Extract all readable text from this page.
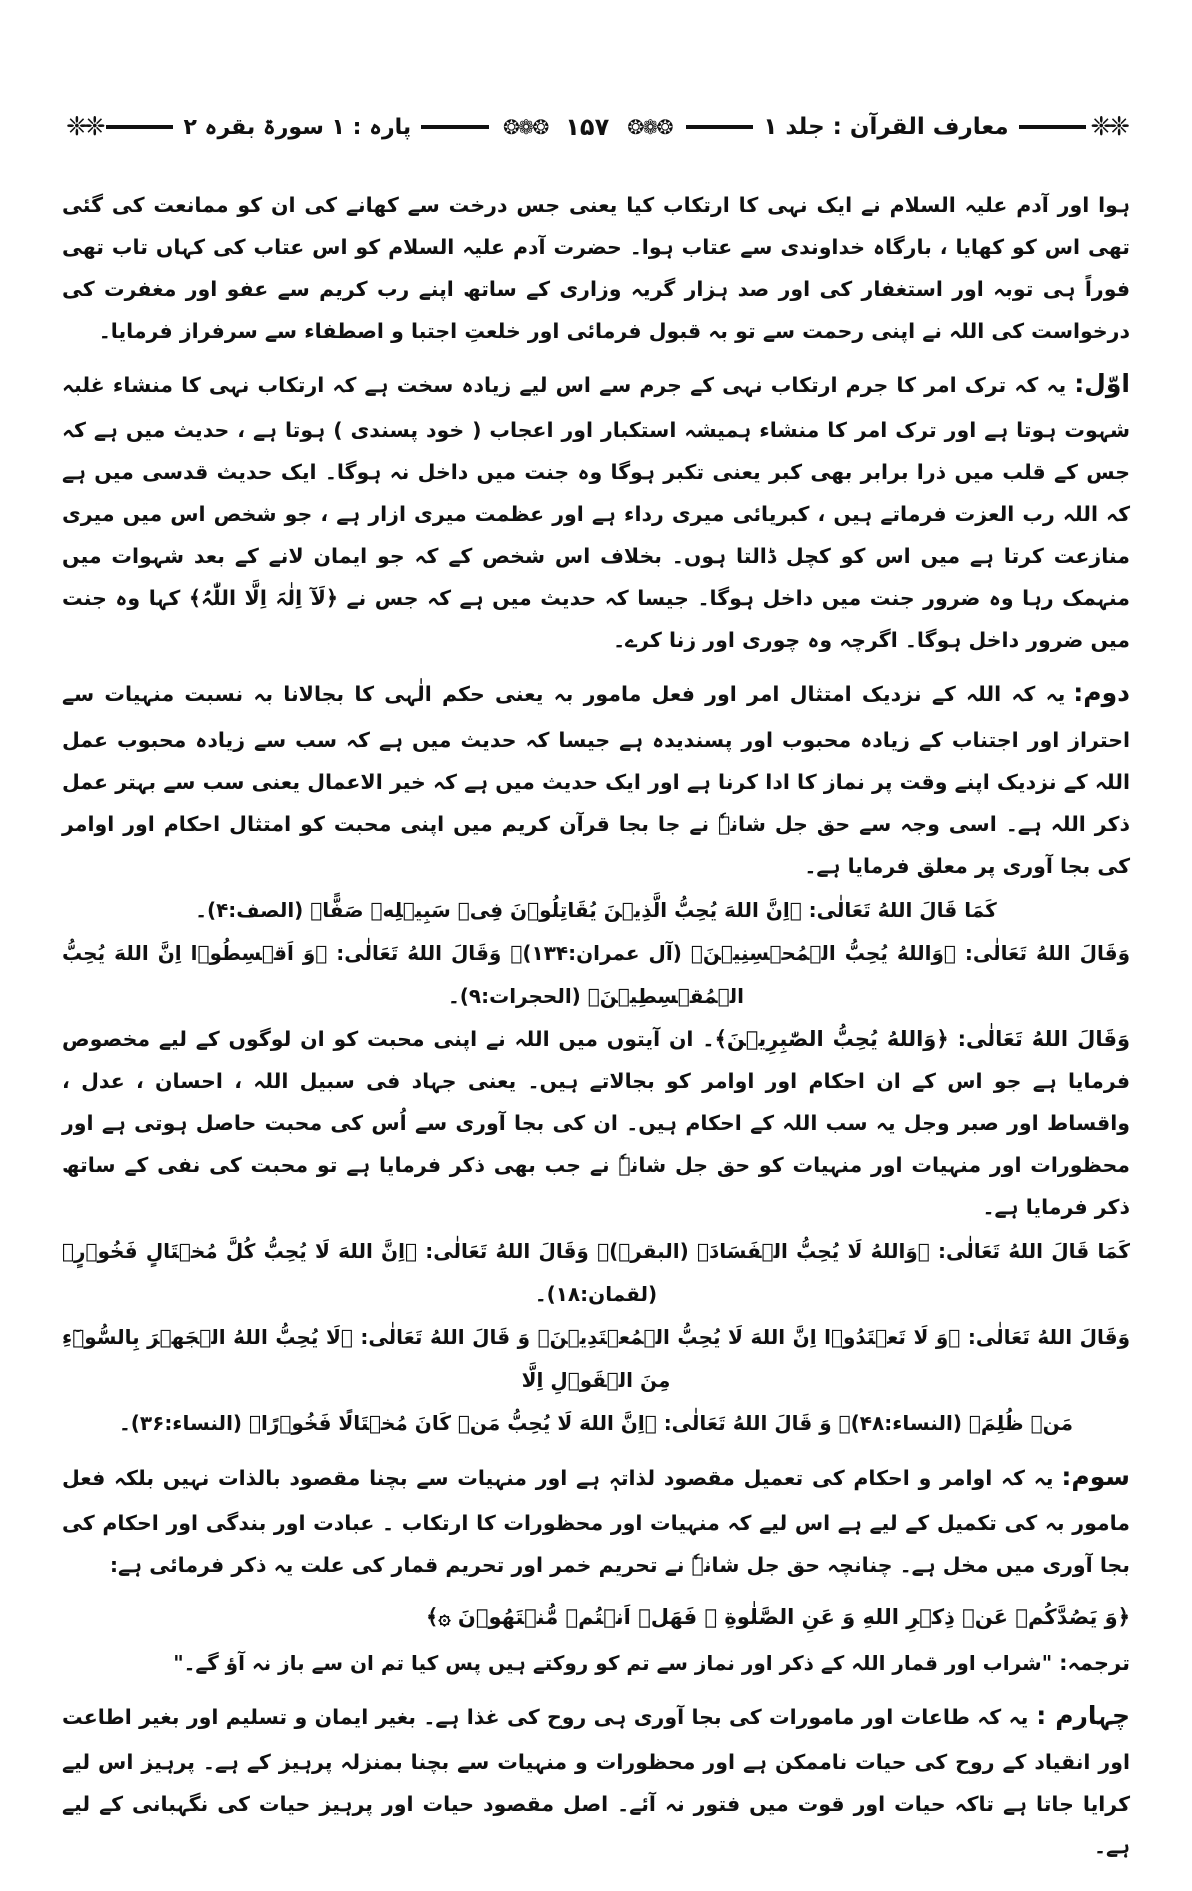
❈❈
معارف القرآن : جلد ۱
❂❁❂
۱۵۷
❂❁❂
پارہ : ۱ سورۃ بقرہ ۲
❈❈

ہوا اور آدم علیہ السلام نے ایک نہی کا ارتکاب کیا یعنی جس درخت سے کھانے کی ان کو ممانعت کی گئی تھی اس کو کھایا ، بارگاہ خداوندی سے عتاب ہوا۔ حضرت آدم علیہ السلام کو اس عتاب کی کہاں تاب تھی فوراً ہی توبہ اور استغفار کی اور صد ہزار گریہ وزاری کے ساتھ اپنے رب کریم سے عفو اور مغفرت کی درخواست کی اللہ نے اپنی رحمت سے تو بہ قبول فرمائی اور خلعتِ اجتبا و اصطفاء سے سرفراز فرمایا۔

اوّل:یہ کہ ترک امر کا جرم ارتکاب نہی کے جرم سے اس لیے زیادہ سخت ہے کہ ارتکاب نہی کا منشاء غلبہ شہوت ہوتا ہے اور ترک امر کا منشاء ہمیشہ استکبار اور اعجاب ( خود پسندی ) ہوتا ہے ، حدیث میں ہے کہ جس کے قلب میں ذرا برابر بھی کبر یعنی تکبر ہوگا وہ جنت میں داخل نہ ہوگا۔ ایک حدیث قدسی میں ہے کہ اللہ رب العزت فرماتے ہیں ، کبریائی میری رداء ہے اور عظمت میری ازار ہے ، جو شخص اس میں میری منازعت کرتا ہے میں اس کو کچل ڈالتا ہوں۔ بخلاف اس شخص کے کہ جو ایمان لانے کے بعد شہوات میں منہمک رہا وہ ضرور جنت میں داخل ہوگا۔ جیسا کہ حدیث میں ہے کہ جس نے ﴿لَآ اِلٰہَ اِلَّا اللّٰہُ﴾ کہا وہ جنت میں ضرور داخل ہوگا۔ اگرچہ وہ چوری اور زنا کرے۔

دوم:یہ کہ اللہ کے نزدیک امتثال امر اور فعل مامور بہ یعنی حکم الٰہی کا بجالانا بہ نسبت منہیات سے احتراز اور اجتناب کے زیادہ محبوب اور پسندیدہ ہے جیسا کہ حدیث میں ہے کہ سب سے زیادہ محبوب عمل اللہ کے نزدیک اپنے وقت پر نماز کا ادا کرنا ہے اور ایک حدیث میں ہے کہ خیر الاعمال یعنی سب سے بہتر عمل ذکر اللہ ہے۔ اسی وجہ سے حق جل شانہٗ نے جا بجا قرآن کریم میں اپنی محبت کو امتثال احکام اور اوامر کی بجا آوری پر معلق فرمایا ہے۔

کَمَا قَالَ اللهُ تَعَالٰی: ﴿اِنَّ اللهَ یُحِبُّ الَّذِیۡنَ یُقَاتِلُوۡنَ فِیۡ سَبِیۡلِهٖ صَفًّا﴾ (الصف:۴)۔

وَقَالَ اللهُ تَعَالٰی: ﴿وَاللهُ یُحِبُّ الۡمُحۡسِنِیۡنَ﴾ (آل عمران:۱۳۴)۔ وَقَالَ اللهُ تَعَالٰی: ﴿وَ اَقۡسِطُوۡا اِنَّ اللهَ یُحِبُّ الۡمُقۡسِطِیۡنَ﴾ (الحجرات:۹)۔

وَقَالَ اللهُ تَعَالٰی: ﴿وَاللهُ یُحِبُّ الصّٰبِرِیۡنَ﴾۔ ان آیتوں میں اللہ نے اپنی محبت کو ان لوگوں کے لیے مخصوص فرمایا ہے جو اس کے ان احکام اور اوامر کو بجالاتے ہیں۔ یعنی جہاد فی سبیل اللہ ، احسان ، عدل ، واقساط اور صبر وجل یہ سب اللہ کے احکام ہیں۔ ان کی بجا آوری سے اُس کی محبت حاصل ہوتی ہے اور محظورات اور منہیات اور منہیات کو حق جل شانہٗ نے جب بھی ذکر فرمایا ہے تو محبت کی نفی کے ساتھ ذکر فرمایا ہے۔

کَمَا قَالَ اللهُ تَعَالٰی: ﴿وَاللهُ لَا یُحِبُّ الۡفَسَادَ﴾ (البقرہ)۔ وَقَالَ اللهُ تَعَالٰی: ﴿اِنَّ اللهَ لَا یُحِبُّ کُلَّ مُخۡتَالٍ فَخُوۡرٍ﴾ (لقمان:۱۸)۔

وَقَالَ اللهُ تَعَالٰی: ﴿وَ لَا تَعۡتَدُوۡا اِنَّ اللهَ لَا یُحِبُّ الۡمُعۡتَدِیۡنَ﴾ وَ قَالَ اللهُ تَعَالٰی: ﴿لَا یُحِبُّ اللهُ الۡجَهۡرَ بِالسُّوۡٓءِ مِنَ الۡقَوۡلِ اِلَّا

مَنۡ ظُلِمَ﴾ (النساء:۴۸)۔ وَ قَالَ اللهُ تَعَالٰی: ﴿اِنَّ اللهَ لَا یُحِبُّ مَنۡ کَانَ مُخۡتَالًا فَخُوۡرًا﴾ (النساء:۳۶)۔

سوم:یہ کہ اوامر و احکام کی تعمیل مقصود لذاتہٖ ہے اور منہیات سے بچنا مقصود بالذات نہیں بلکہ فعل مامور بہ کی تکمیل کے لیے ہے اس لیے کہ منہیات اور محظورات کا ارتکاب ۔ عبادت اور بندگی اور احکام کی بجا آوری میں مخل ہے۔ چنانچہ حق جل شانہٗ نے تحریم خمر اور تحریم قمار کی علت یہ ذکر فرمائی ہے:

﴿وَ یَصُدَّکُمۡ عَنۡ ذِکۡرِ اللهِ وَ عَنِ الصَّلٰوةِ ۚ فَهَلۡ اَنۡتُمۡ مُّنۡتَهُوۡنَ ۞﴾

ترجمہ: "شراب اور قمار اللہ کے ذکر اور نماز سے تم کو روکتے ہیں پس کیا تم ان سے باز نہ آؤ گے۔"

چہارم :یہ کہ طاعات اور مامورات کی بجا آوری ہی روح کی غذا ہے۔ بغیر ایمان و تسلیم اور بغیر اطاعت اور انقیاد کے روح کی حیات ناممکن ہے اور محظورات و منہیات سے بچنا بمنزلہ پرہیز کے ہے۔ پرہیز اس لیے کرایا جاتا ہے تاکہ حیات اور قوت میں فتور نہ آئے۔ اصل مقصود حیات اور پرہیز حیات کی نگہبانی کے لیے ہے۔
